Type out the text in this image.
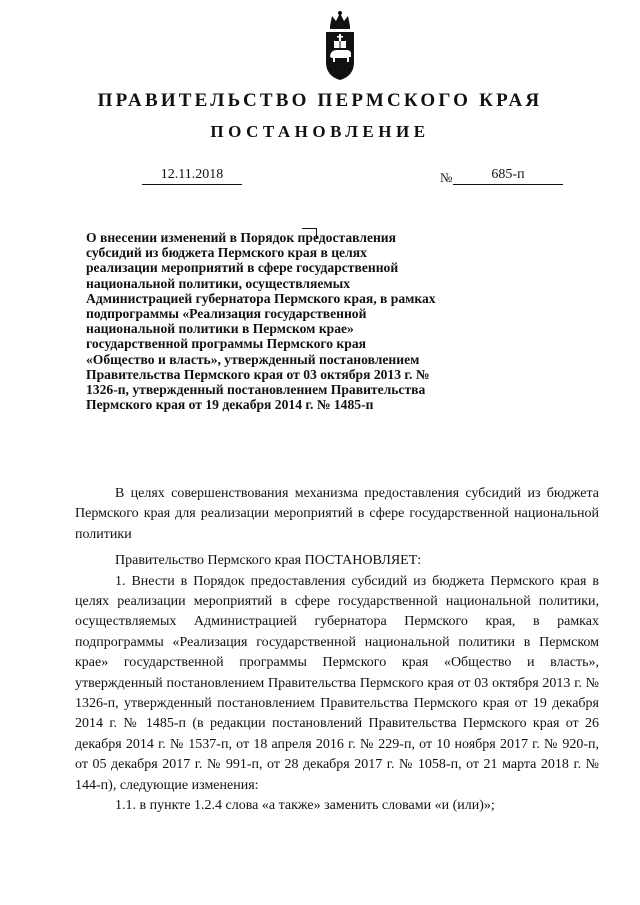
ПРАВИТЕЛЬСТВО ПЕРМСКОГО КРАЯ
ПОСТАНОВЛЕНИЕ
12.11.2018	№	685-п

О внесении изменений в Порядок предоставления субсидий из бюджета Пермского края в целях реализации мероприятий в сфере государственной национальной политики, осуществляемых Администрацией губернатора Пермского края, в рамках подпрограммы «Реализация государственной национальной политики в Пермском крае» государственной программы Пермского края «Общество и власть», утвержденный постановлением Правительства Пермского края от 03 октября 2013 г. № 1326-п, утвержденный постановлением Правительства Пермского края от 19 декабря 2014 г. № 1485-п

В целях совершенствования механизма предоставления субсидий из бюджета Пермского края для реализации мероприятий в сфере государственной национальной политики

Правительство Пермского края ПОСТАНОВЛЯЕТ:

1. Внести в Порядок предоставления субсидий из бюджета Пермского края в целях реализации мероприятий в сфере государственной национальной политики, осуществляемых Администрацией губернатора Пермского края, в рамках подпрограммы «Реализация государственной национальной политики в Пермском крае» государственной программы Пермского края «Общество и власть», утвержденный постановлением Правительства Пермского края от 03 октября 2013 г. № 1326-п, утвержденный постановлением Правительства Пермского края от 19 декабря 2014 г. № 1485-п (в редакции постановлений Правительства Пермского края от 26 декабря 2014 г. № 1537-п, от 18 апреля 2016 г. № 229-п, от 10 ноября 2017 г. № 920-п, от 05 декабря 2017 г. № 991-п, от 28 декабря 2017 г. № 1058-п, от 21 марта 2018 г. № 144-п), следующие изменения:

1.1. в пункте 1.2.4 слова «а также» заменить словами «и (или)»;
